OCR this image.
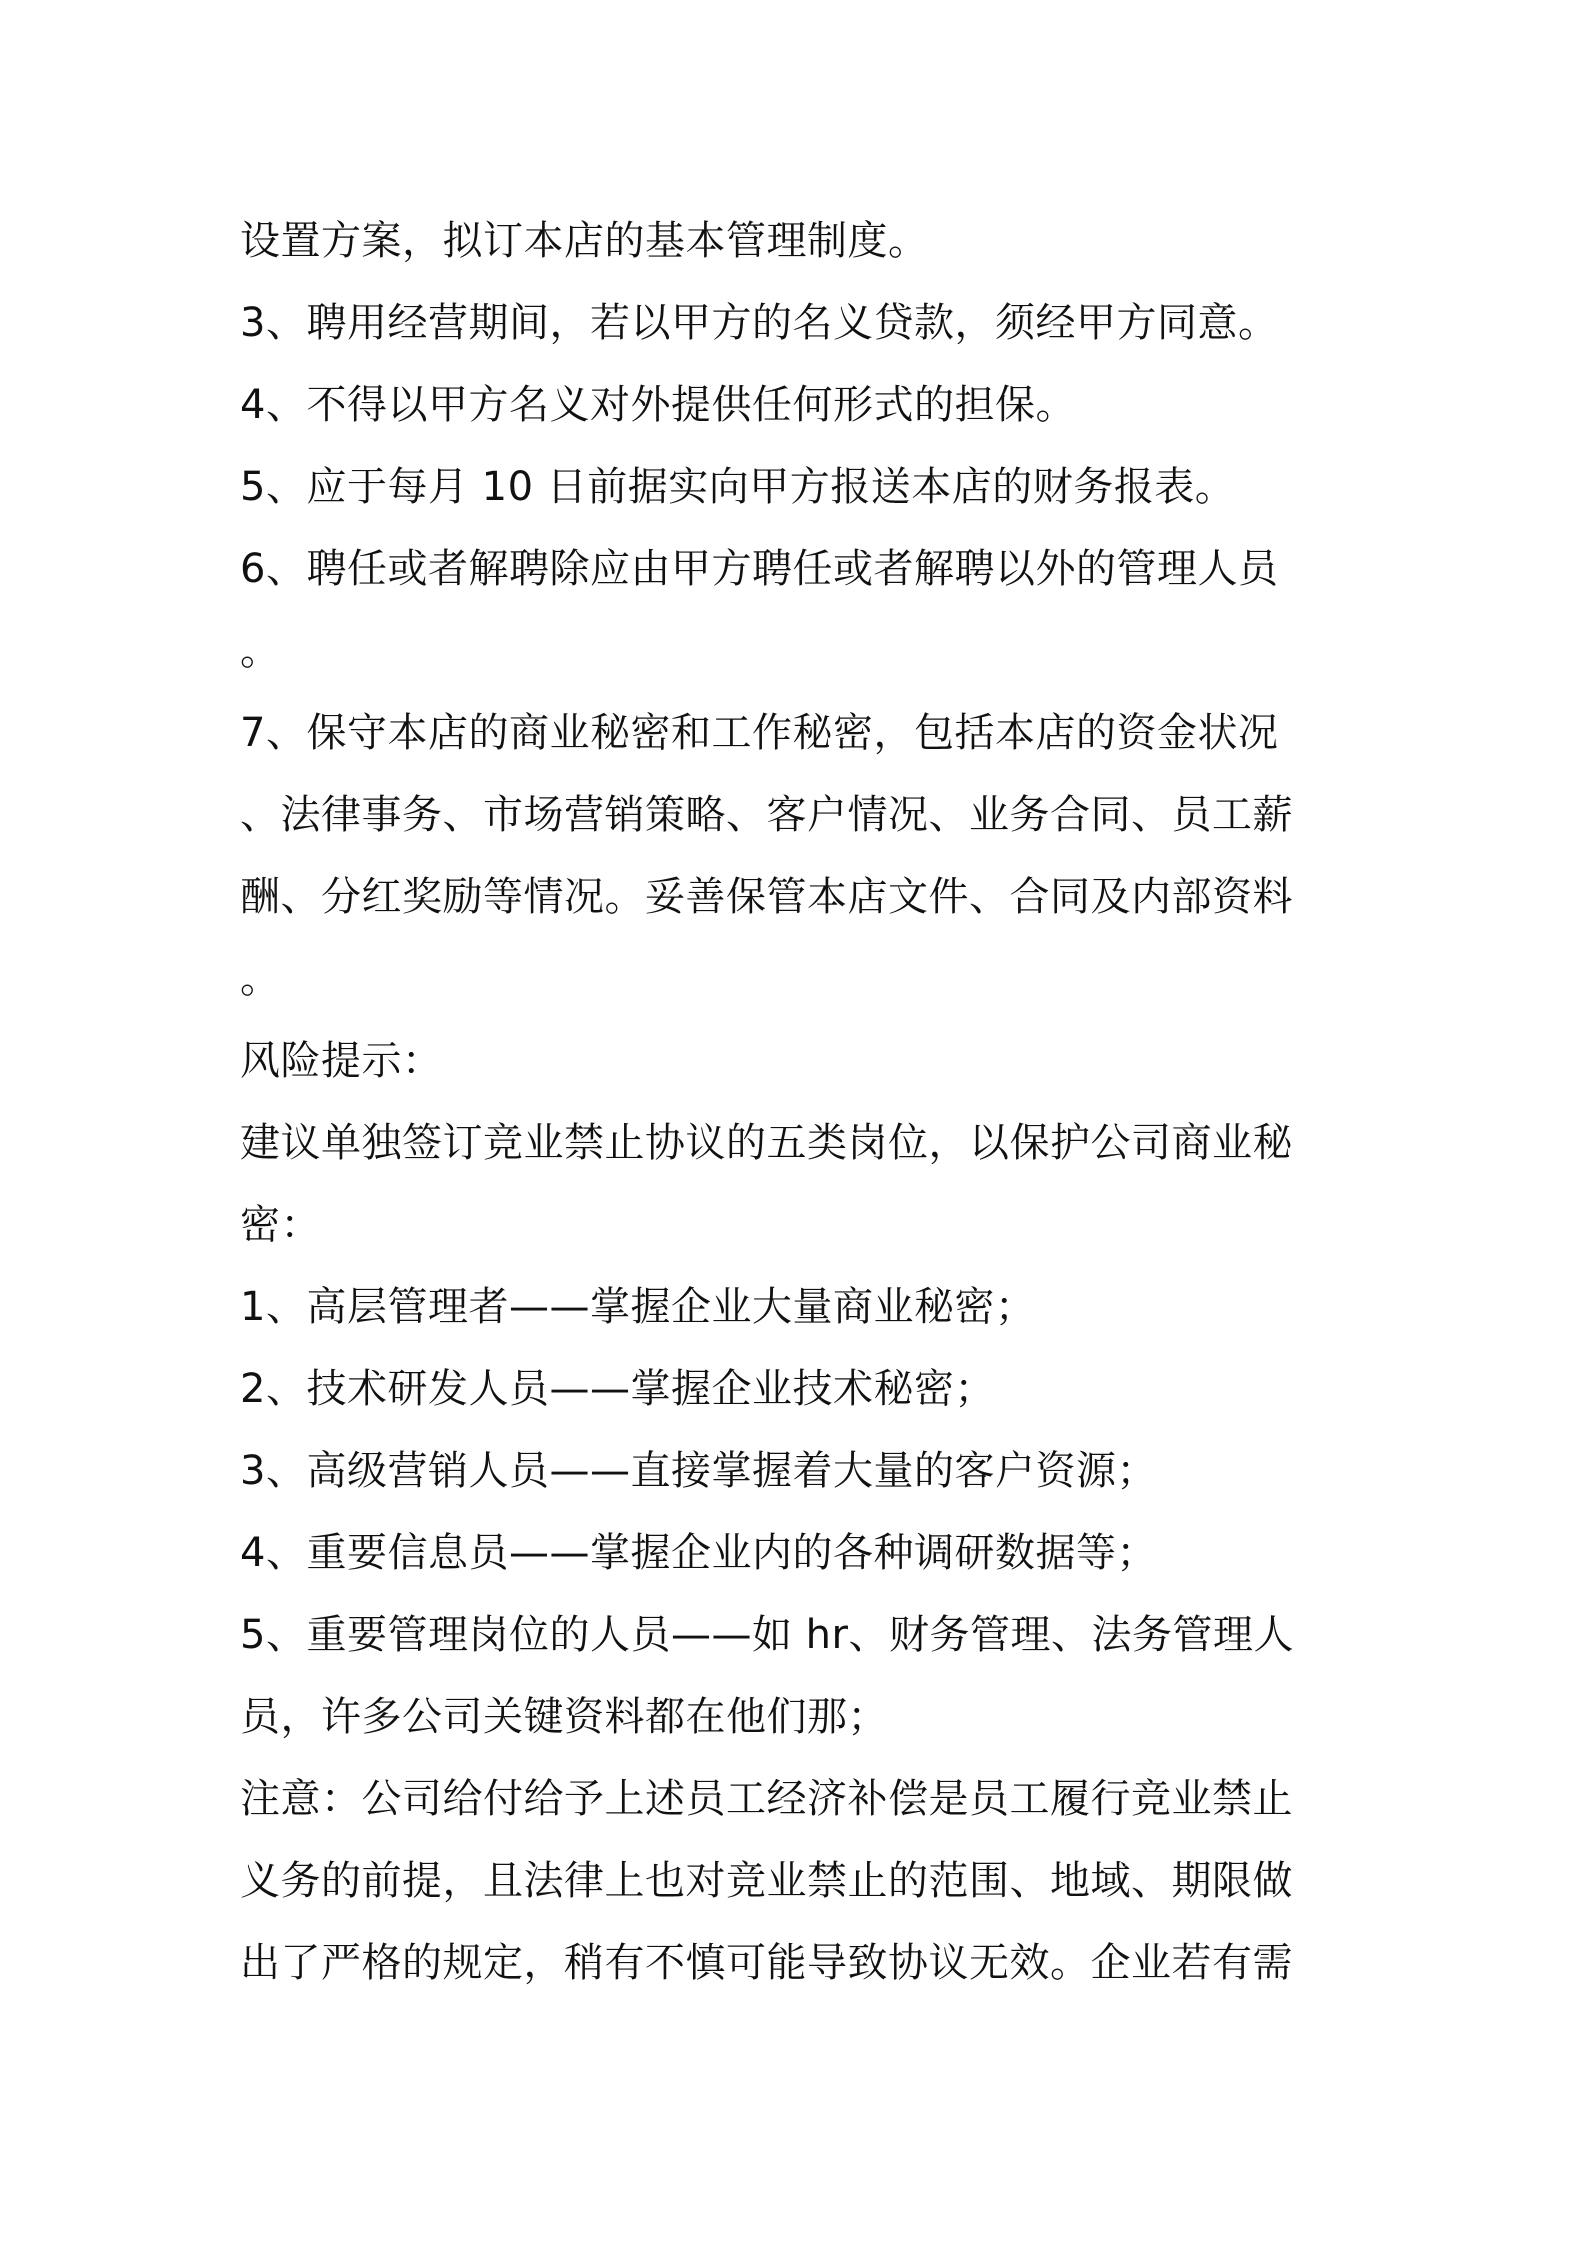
设置方案，拟订本店的基本管理制度。
3、聘用经营期间，若以甲方的名义贷款，须经甲方同意。
4、不得以甲方名义对外提供任何形式的担保。
5、应于每月 10 日前据实向甲方报送本店的财务报表。
6、聘任或者解聘除应由甲方聘任或者解聘以外的管理人员
。
7、保守本店的商业秘密和工作秘密，包括本店的资金状况
、法律事务、市场营销策略、客户情况、业务合同、员工薪
酬、分红奖励等情况。妥善保管本店文件、合同及内部资料
。
风险提示：
建议单独签订竞业禁止协议的五类岗位，以保护公司商业秘
密：
1、高层管理者——掌握企业大量商业秘密；
2、技术研发人员——掌握企业技术秘密；
3、高级营销人员——直接掌握着大量的客户资源；
4、重要信息员——掌握企业内的各种调研数据等；
5、重要管理岗位的人员——如 hr、财务管理、法务管理人
员，许多公司关键资料都在他们那；
注意：公司给付给予上述员工经济补偿是员工履行竞业禁止
义务的前提，且法律上也对竞业禁止的范围、地域、期限做
出了严格的规定，稍有不慎可能导致协议无效。企业若有需
